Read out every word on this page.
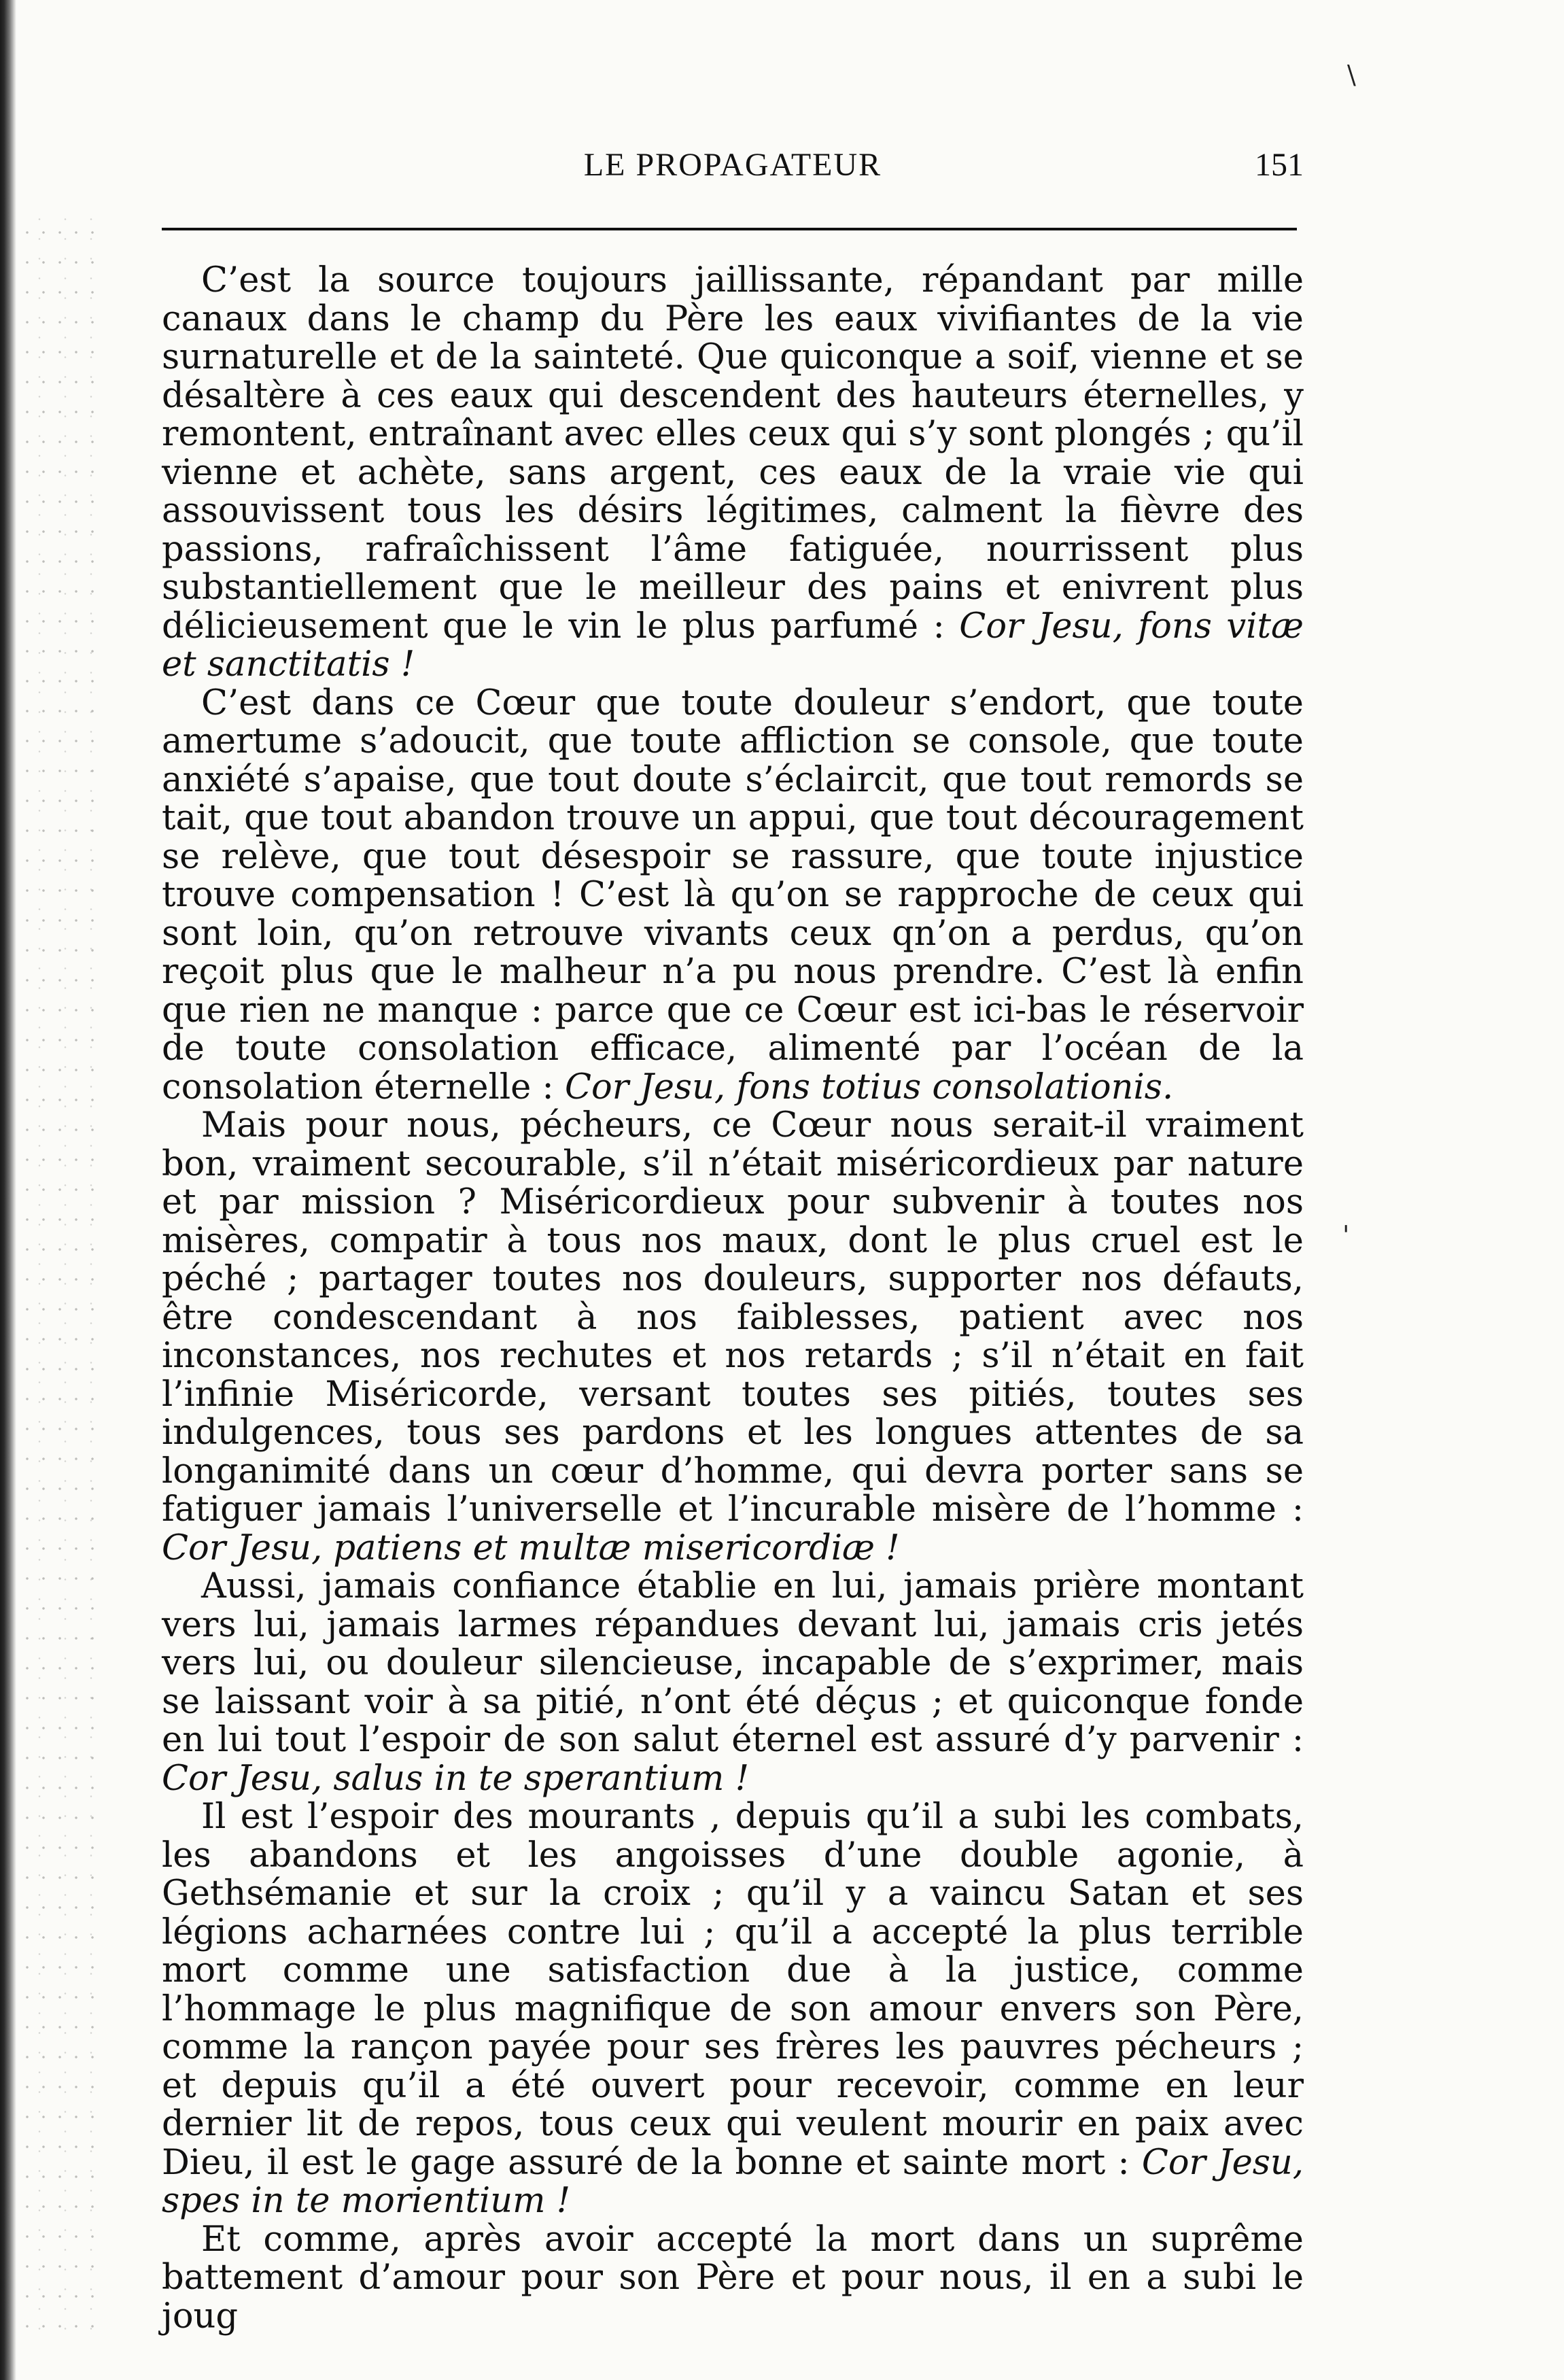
LE PROPAGATEUR	151

C’est la source toujours jaillissante, répandant par mille canaux dans le champ du Père les eaux vivifiantes de la vie surnaturelle et de la sainteté. Que quiconque a soif, vienne et se désaltère à ces eaux qui descendent des hauteurs éternelles, y remontent, entraînant avec elles ceux qui s’y sont plongés ; qu’il vienne et achète, sans argent, ces eaux de la vraie vie qui assouvissent tous les désirs légitimes, calment la fièvre des passions, rafraîchissent l’âme fatiguée, nourrissent plus substantiellement que le meilleur des pains et enivrent plus délicieusement que le vin le plus parfumé : Cor Jesu, fons vitæ et sanctitatis !

C’est dans ce Cœur que toute douleur s’endort, que toute amertume s’adoucit, que toute affliction se console, que toute anxiété s’apaise, que tout doute s’éclaircit, que tout remords se tait, que tout abandon trouve un appui, que tout découragement se relève, que tout désespoir se rassure, que toute injustice trouve compensation ! C’est là qu’on se rapproche de ceux qui sont loin, qu’on retrouve vivants ceux qn’on a perdus, qu’on reçoit plus que le malheur n’a pu nous prendre. C’est là enfin que rien ne manque : parce que ce Cœur est ici-bas le réservoir de toute consolation efficace, alimenté par l’océan de la consolation éternelle : Cor Jesu, fons totius consolationis.

Mais pour nous, pécheurs, ce Cœur nous serait-il vraiment bon, vraiment secourable, s’il n’était miséricordieux par nature et par mission ? Miséricordieux pour subvenir à toutes nos misères, compatir à tous nos maux, dont le plus cruel est le péché ; partager toutes nos douleurs, supporter nos défauts, être condescendant à nos faiblesses, patient avec nos inconstances, nos rechutes et nos retards ; s’il n’était en fait l’infinie Miséricorde, versant toutes ses pitiés, toutes ses indulgences, tous ses pardons et les longues attentes de sa longanimité dans un cœur d’homme, qui devra porter sans se fatiguer jamais l’universelle et l’incurable misère de l’homme : Cor Jesu, patiens et multæ misericordiæ !

Aussi, jamais confiance établie en lui, jamais prière montant vers lui, jamais larmes répandues devant lui, jamais cris jetés vers lui, ou douleur silencieuse, incapable de s’exprimer, mais se laissant voir à sa pitié, n’ont été déçus ; et quiconque fonde en lui tout l’espoir de son salut éternel est assuré d’y parvenir : Cor Jesu, salus in te sperantium !

Il est l’espoir des mourants , depuis qu’il a subi les combats, les abandons et les angoisses d’une double agonie, à Gethsémanie et sur la croix ; qu’il y a vaincu Satan et ses légions acharnées contre lui ; qu’il a accepté la plus terrible mort comme une satisfaction due à la justice, comme l’hommage le plus magnifique de son amour envers son Père, comme la rançon payée pour ses frères les pauvres pécheurs ; et depuis qu’il a été ouvert pour recevoir, comme en leur dernier lit de repos, tous ceux qui veulent mourir en paix avec Dieu, il est le gage assuré de la bonne et sainte mort : Cor Jesu, spes in te morientium !

Et comme, après avoir accepté la mort dans un suprême battement d’amour pour son Père et pour nous, il en a subi le joug

\
'
